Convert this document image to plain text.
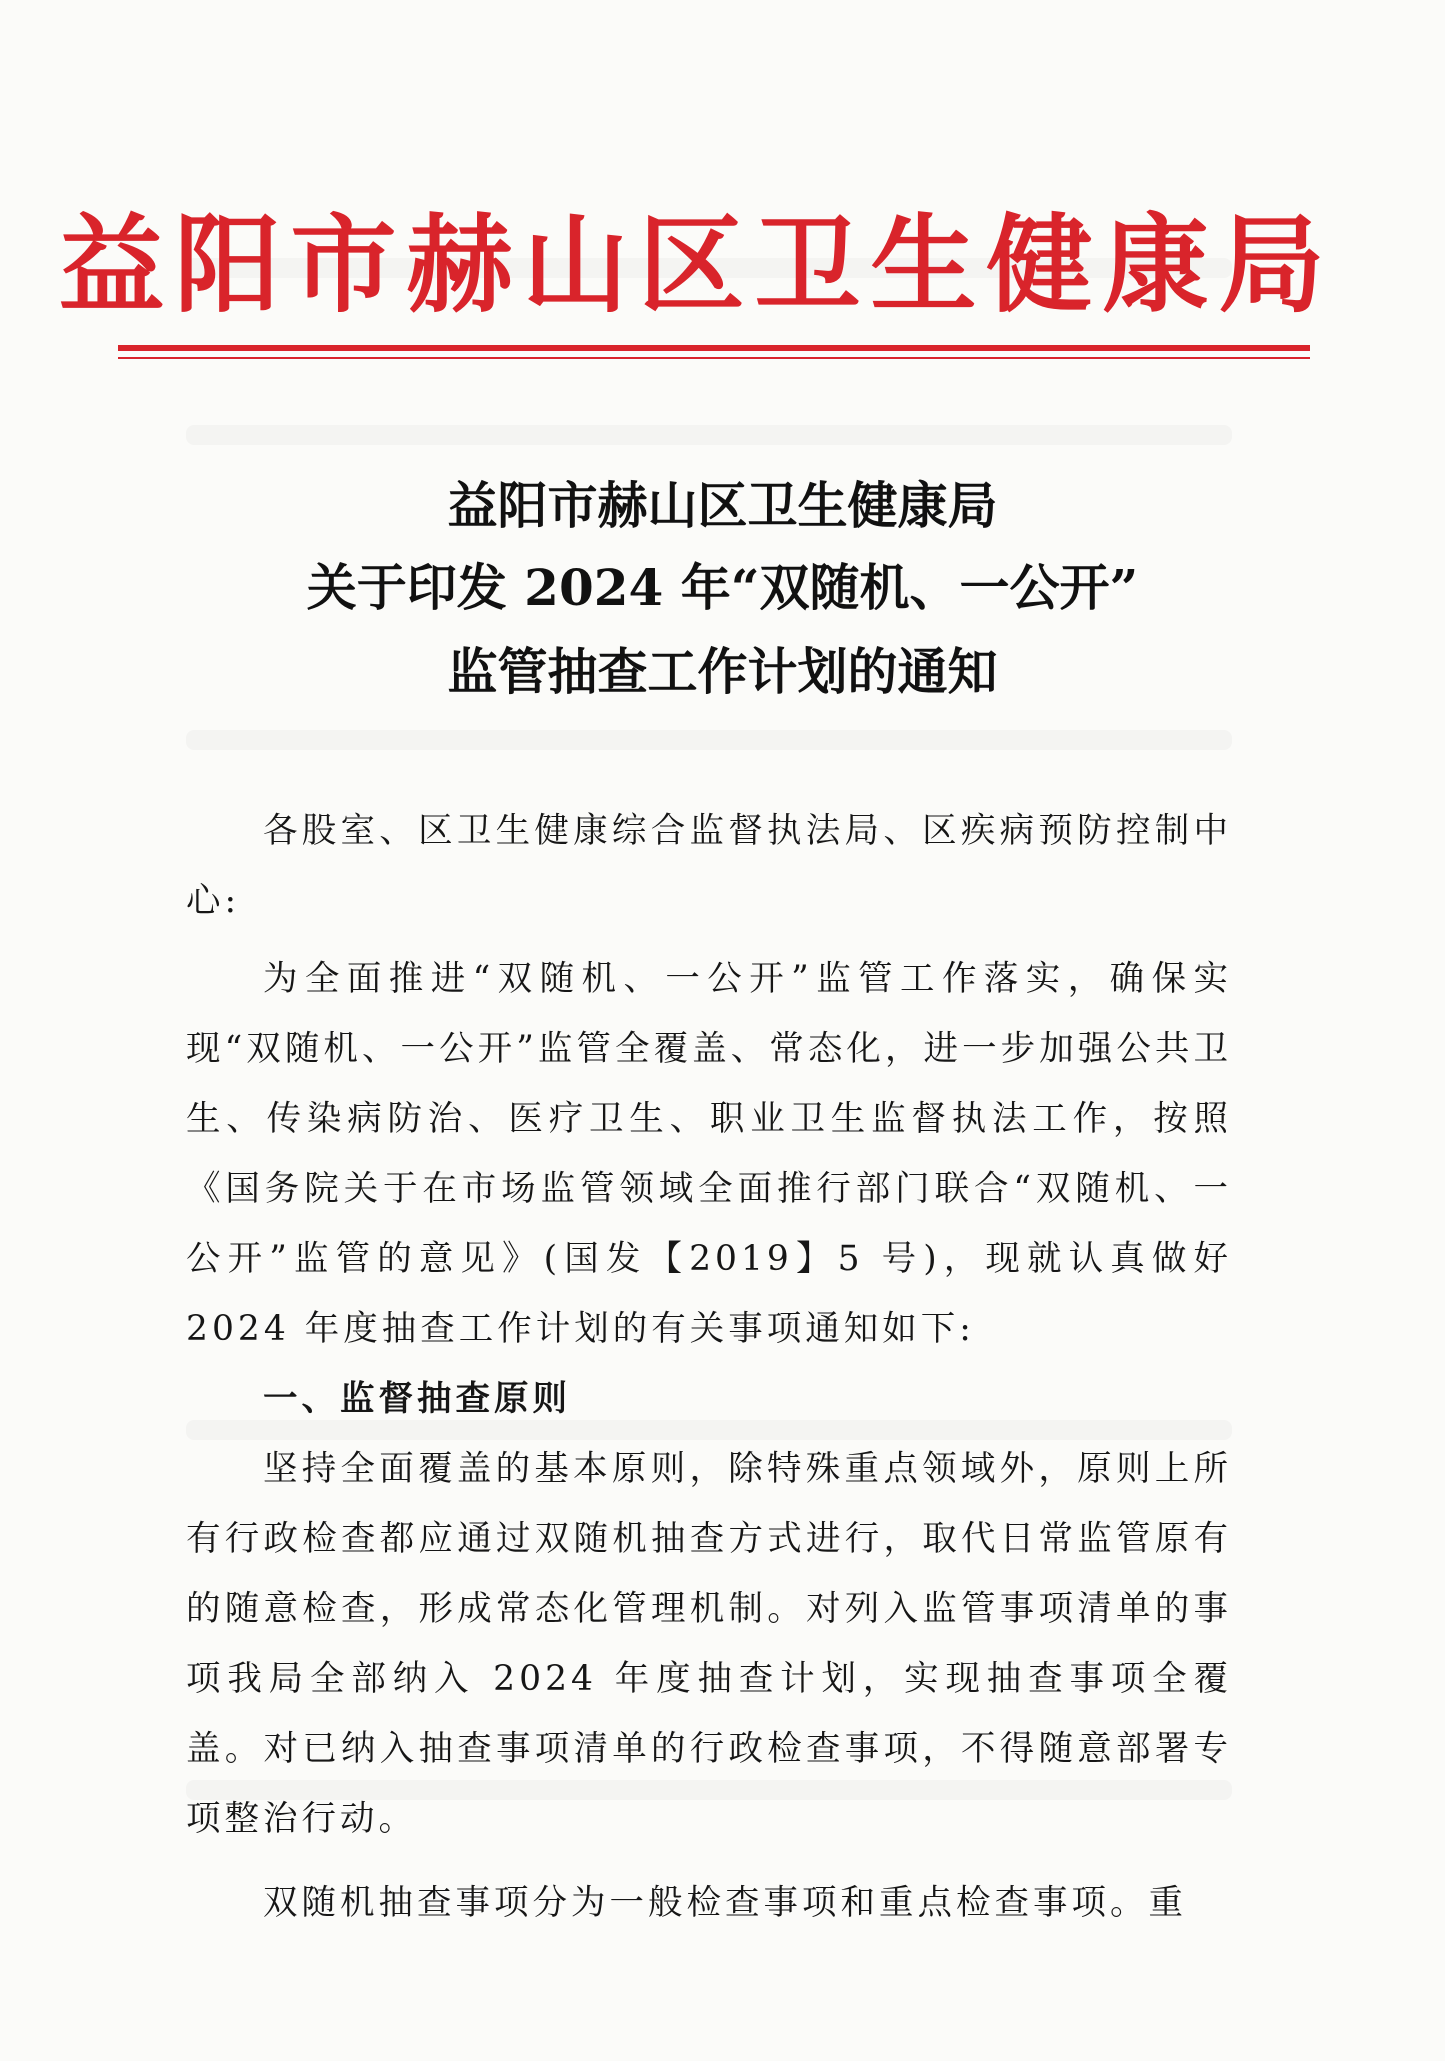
益阳市赫山区卫生健康局
益阳市赫山区卫生健康局
关于印发 2024 年“双随机、一公开”
监管抽查工作计划的通知

各股室、区卫生健康综合监督执法局、区疾病预防控制中心:

为全面推进“双随机、一公开”监管工作落实，确保实现“双随机、一公开”监管全覆盖、常态化，进一步加强公共卫生、传染病防治、医疗卫生、职业卫生监督执法工作，按照《国务院关于在市场监管领域全面推行部门联合“双随机、一公开”监管的意见》(国发【2019】5 号)，现就认真做好 2024 年度抽查工作计划的有关事项通知如下:

一、监督抽查原则

坚持全面覆盖的基本原则，除特殊重点领域外，原则上所有行政检查都应通过双随机抽查方式进行，取代日常监管原有的随意检查，形成常态化管理机制。对列入监管事项清单的事项我局全部纳入 2024 年度抽查计划，实现抽查事项全覆盖。对已纳入抽查事项清单的行政检查事项，不得随意部署专项整治行动。

双随机抽查事项分为一般检查事项和重点检查事项。重
